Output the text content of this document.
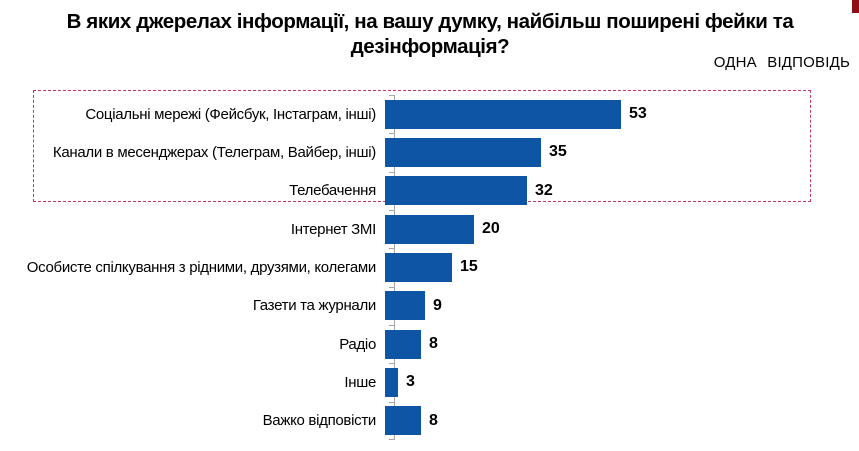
В яких джерелах інформації, на вашу думку, найбільш поширені фейки та дезінформація?
ОДНА ВІДПОВІДЬ
Соціальні мережі (Фейсбук, Інстаграм, інші)	53
Канали в месенджерах (Телеграм, Вайбер, інші)	35
Телебачення	32
Інтернет ЗМІ	20
Особисте спілкування з рідними, друзями, колегами	15
Газети та журнали	9
Радіо	8
Інше	3
Важко відповісти	8
